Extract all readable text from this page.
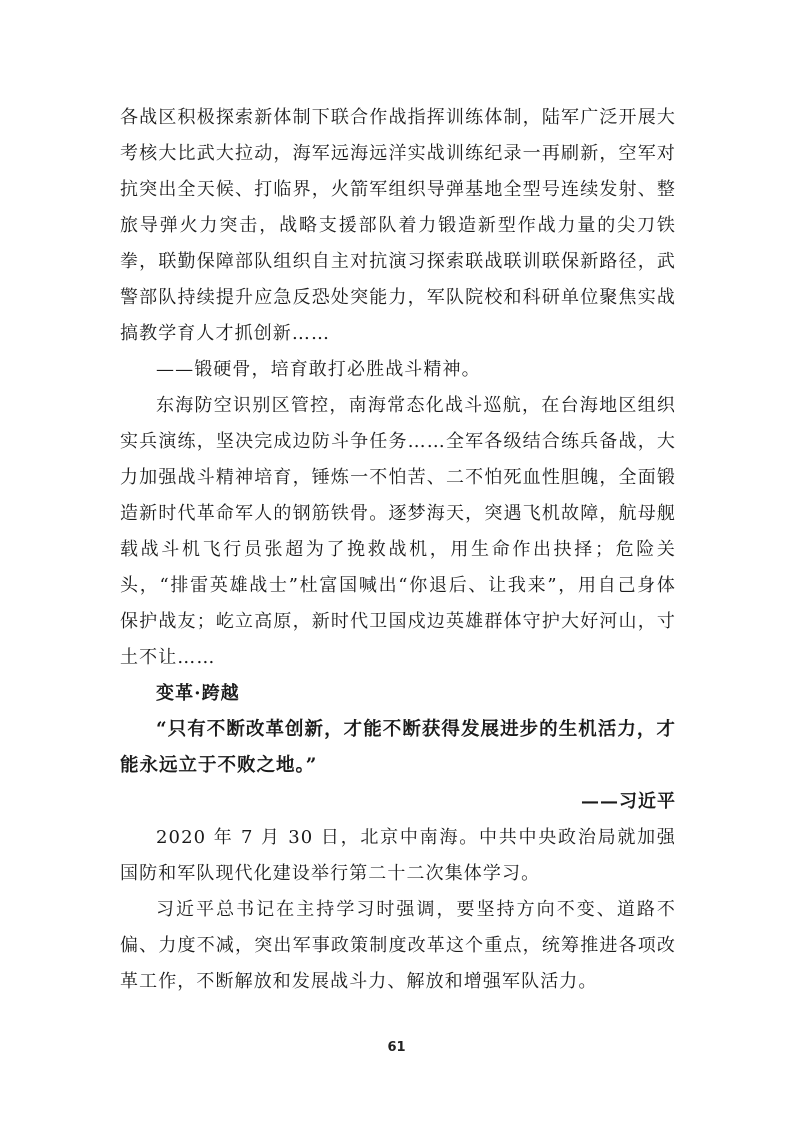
各战区积极探索新体制下联合作战指挥训练体制，陆军广泛开展大考核大比武大拉动，海军远海远洋实战训练纪录一再刷新，空军对抗突出全天候、打临界，火箭军组织导弹基地全型号连续发射、整旅导弹火力突击，战略支援部队着力锻造新型作战力量的尖刀铁拳，联勤保障部队组织自主对抗演习探索联战联训联保新路径，武警部队持续提升应急反恐处突能力，军队院校和科研单位聚焦实战搞教学育人才抓创新……

——锻硬骨，培育敢打必胜战斗精神。

东海防空识别区管控，南海常态化战斗巡航，在台海地区组织实兵演练，坚决完成边防斗争任务……全军各级结合练兵备战，大力加强战斗精神培育，锤炼一不怕苦、二不怕死血性胆魄，全面锻造新时代革命军人的钢筋铁骨。逐梦海天，突遇飞机故障，航母舰载战斗机飞行员张超为了挽救战机，用生命作出抉择；危险关头，“排雷英雄战士”杜富国喊出“你退后、让我来”，用自己身体保护战友；屹立高原，新时代卫国戍边英雄群体守护大好河山，寸土不让……

变革·跨越

“只有不断改革创新，才能不断获得发展进步的生机活力，才能永远立于不败之地。”

——习近平

2020 年 7 月 30 日，北京中南海。中共中央政治局就加强国防和军队现代化建设举行第二十二次集体学习。

习近平总书记在主持学习时强调，要坚持方向不变、道路不偏、力度不减，突出军事政策制度改革这个重点，统筹推进各项改革工作，不断解放和发展战斗力、解放和增强军队活力。

61
